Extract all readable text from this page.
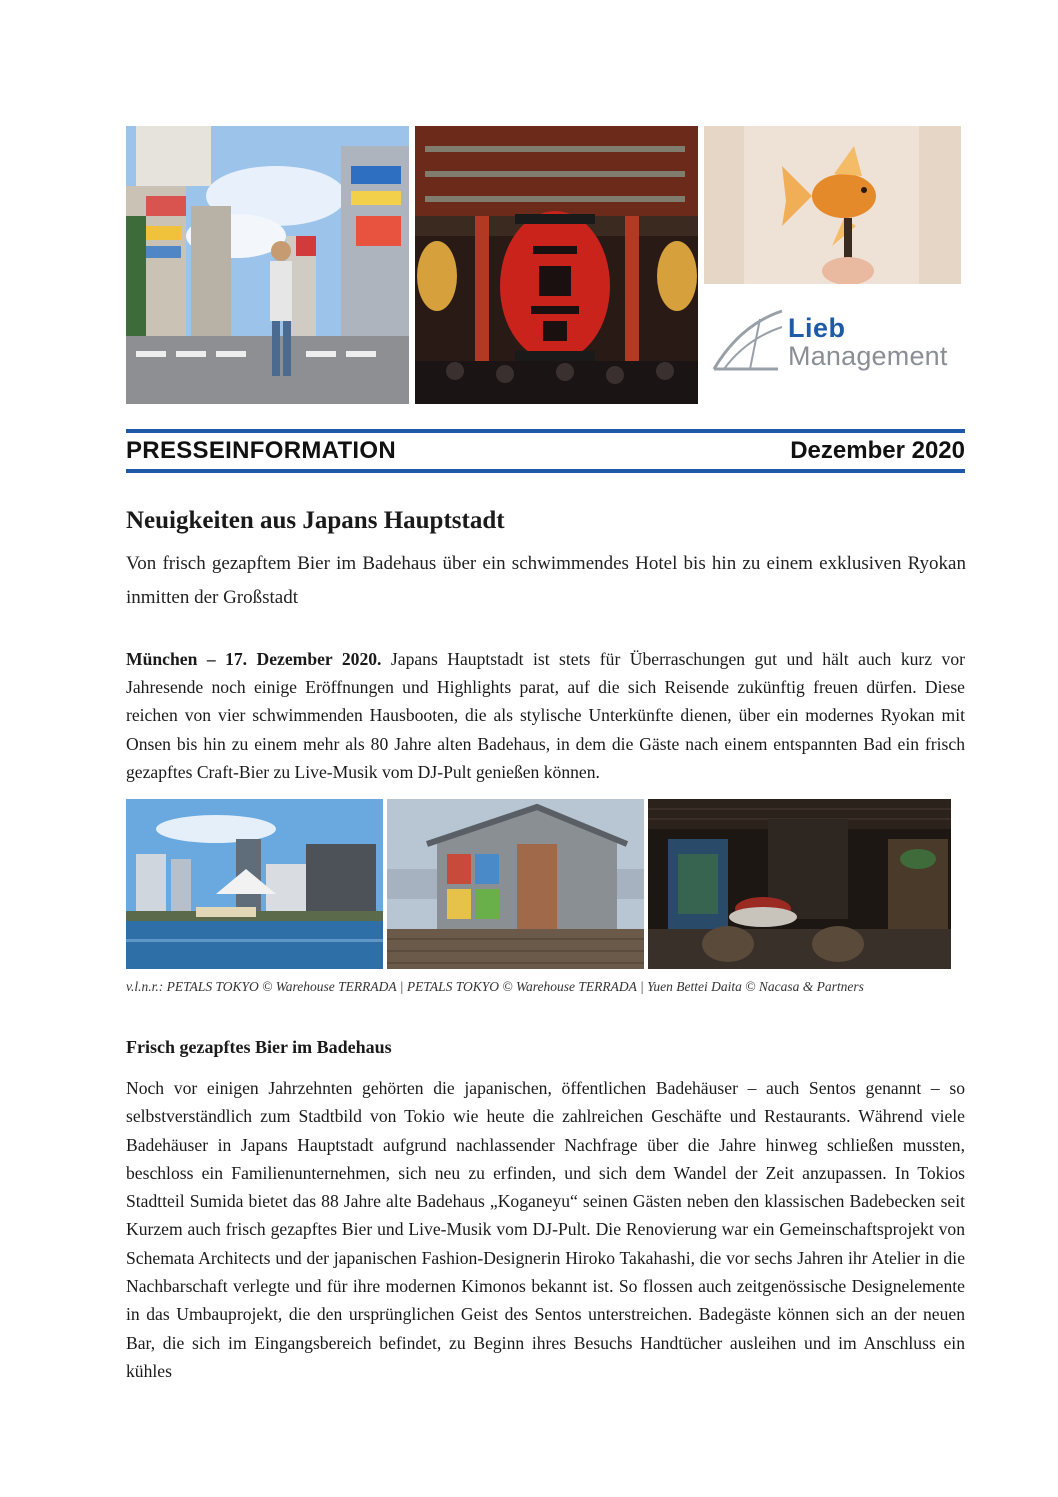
Lieb
Management
PRESSEINFORMATION	Dezember 2020
Neuigkeiten aus Japans Hauptstadt

Von frisch gezapftem Bier im Badehaus über ein schwimmendes Hotel bis hin zu einem exklusiven Ryokan inmitten der Großstadt

München – 17. Dezember 2020. Japans Hauptstadt ist stets für Überraschungen gut und hält auch kurz vor Jahresende noch einige Eröffnungen und Highlights parat, auf die sich Reisende zukünftig freuen dürfen. Diese reichen von vier schwimmenden Hausbooten, die als stylische Unterkünfte dienen, über ein modernes Ryokan mit Onsen bis hin zu einem mehr als 80 Jahre alten Badehaus, in dem die Gäste nach einem entspannten Bad ein frisch gezapftes Craft-Bier zu Live-Musik vom DJ-Pult genießen können.

v.l.n.r.: PETALS TOKYO © Warehouse TERRADA | PETALS TOKYO © Warehouse TERRADA | Yuen Bettei Daita © Nacasa & Partners

Frisch gezapftes Bier im Badehaus

Noch vor einigen Jahrzehnten gehörten die japanischen, öffentlichen Badehäuser – auch Sentos genannt – so selbstverständlich zum Stadtbild von Tokio wie heute die zahlreichen Geschäfte und Restaurants. Während viele Badehäuser in Japans Hauptstadt aufgrund nachlassender Nachfrage über die Jahre hinweg schließen mussten, beschloss ein Familienunternehmen, sich neu zu erfinden, und sich dem Wandel der Zeit anzupassen. In Tokios Stadtteil Sumida bietet das 88 Jahre alte Badehaus „Koganeyu“ seinen Gästen neben den klassischen Badebecken seit Kurzem auch frisch gezapftes Bier und Live-Musik vom DJ-Pult. Die Renovierung war ein Gemeinschaftsprojekt von Schemata Architects und der japanischen Fashion-Designerin Hiroko Takahashi, die vor sechs Jahren ihr Atelier in die Nachbarschaft verlegte und für ihre modernen Kimonos bekannt ist. So flossen auch zeitgenössische Designelemente in das Umbauprojekt, die den ursprünglichen Geist des Sentos unterstreichen. Badegäste können sich an der neuen Bar, die sich im Eingangsbereich befindet, zu Beginn ihres Besuchs Handtücher ausleihen und im Anschluss ein kühles
